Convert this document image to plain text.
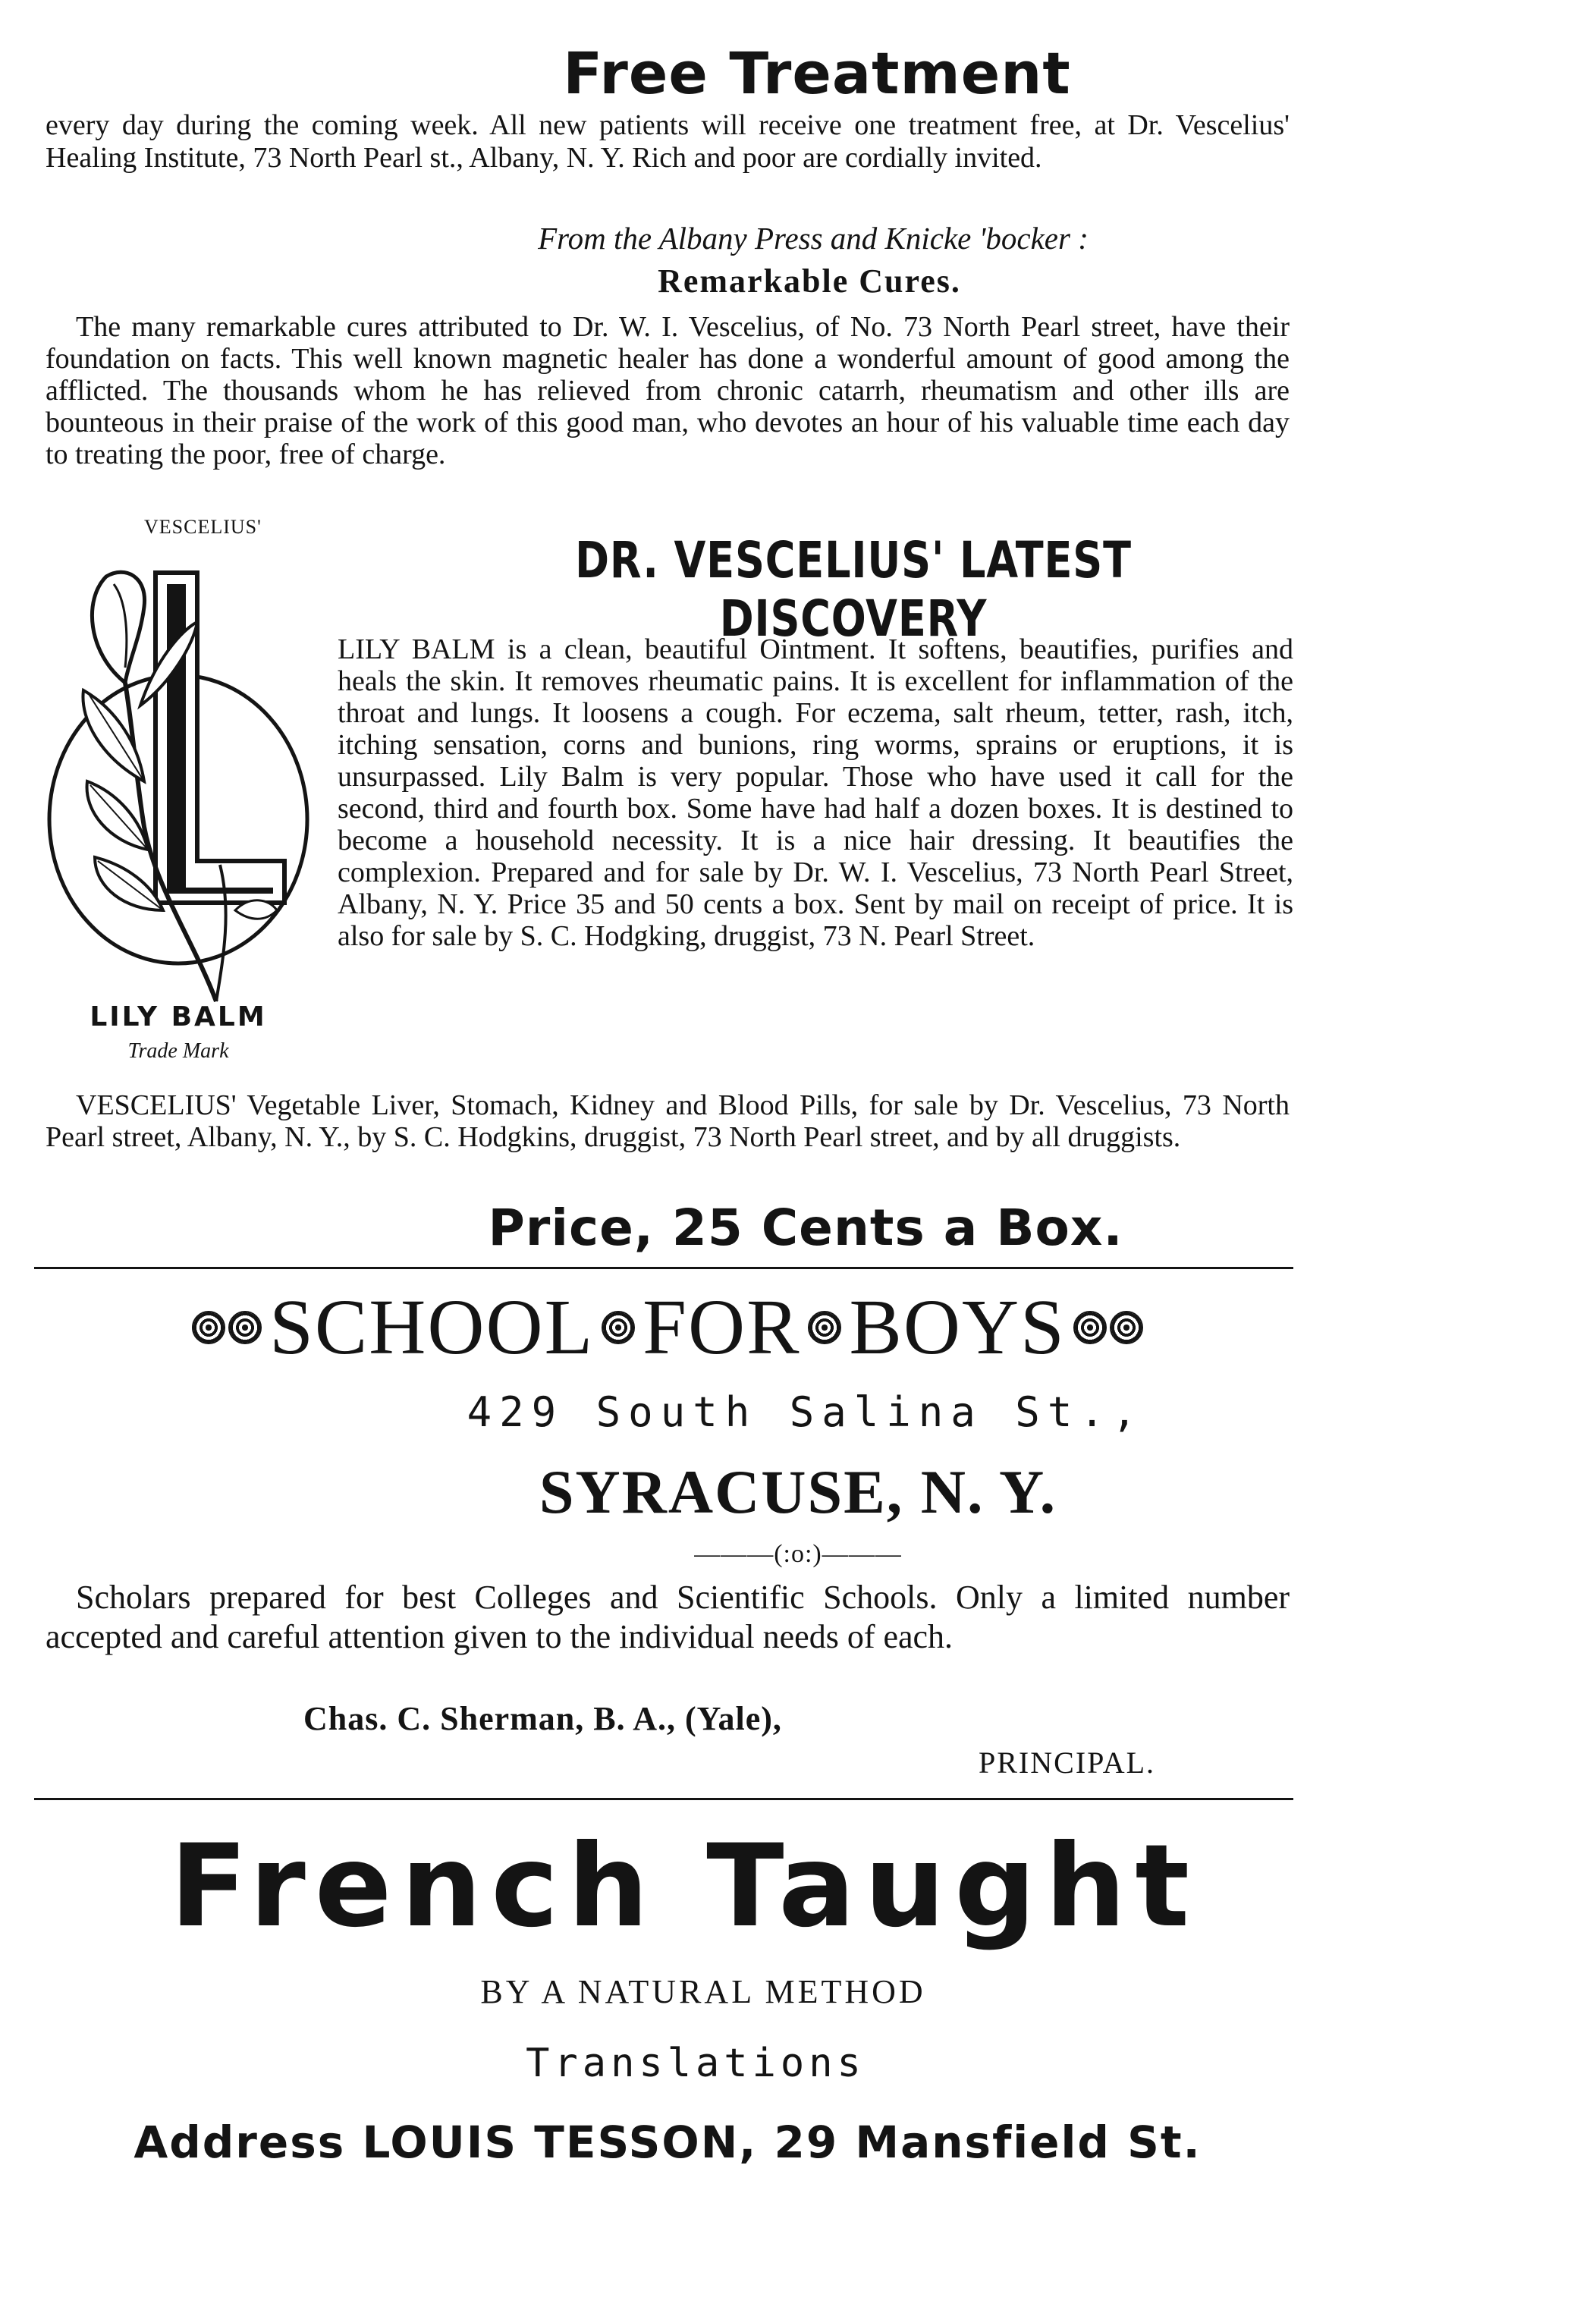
Free Treatment
every day during the coming week. All new patients will receive one treatment free, at Dr. Vescelius' Healing Institute, 73 North Pearl st., Albany, N. Y. Rich and poor are cordially invited.
From the Albany Press and Knicke 'bocker :
Remarkable Cures.

The many remarkable cures attributed to Dr. W. I. Vescelius, of No. 73 North Pearl street, have their foundation on facts. This well known magnetic healer has done a wonderful amount of good among the afflicted. The thousands whom he has relieved from chronic catarrh, rheumatism and other ills are bounteous in their praise of the work of this good man, who devotes an hour of his valuable time each day to treating the poor, free of charge.

VESCELIUS'
LILY BALM
Trade Mark
DR. VESCELIUS' LATEST DISCOVERY
LILY BALM is a clean, beautiful Ointment. It softens, beautifies, purifies and heals the skin. It removes rheumatic pains. It is excellent for inflammation of the throat and lungs. It loosens a cough. For eczema, salt rheum, tetter, rash, itch, itching sensation, corns and bunions, ring worms, sprains or eruptions, it is unsurpassed. Lily Balm is very popular. Those who have used it call for the second, third and fourth box. Some have had half a dozen boxes. It is destined to become a household necessity. It is a nice hair dressing. It beautifies the complexion. Prepared and for sale by Dr. W. I. Vescelius, 73 North Pearl Street, Albany, N. Y. Price 35 and 50 cents a box. Sent by mail on receipt of price. It is also for sale by S. C. Hodgking, druggist, 73 N. Pearl Street.

VESCELIUS' Vegetable Liver, Stomach, Kidney and Blood Pills, for sale by Dr. Vescelius, 73 North Pearl street, Albany, N. Y., by S. C. Hodgkins, druggist, 73 North Pearl street, and by all druggists.

Price, 25 Cents a Box.
SCHOOL FOR BOYS
429 South Salina St.,
SYRACUSE, N. Y.
———(:o:)———

Scholars prepared for best Colleges and Scientific Schools. Only a limited number accepted and careful attention given to the individual needs of each.

Chas. C. Sherman, B. A., (Yale),
PRINCIPAL.
French Taught
BY A NATURAL METHOD
Translations
Address LOUIS TESSON, 29 Mansfield St.
